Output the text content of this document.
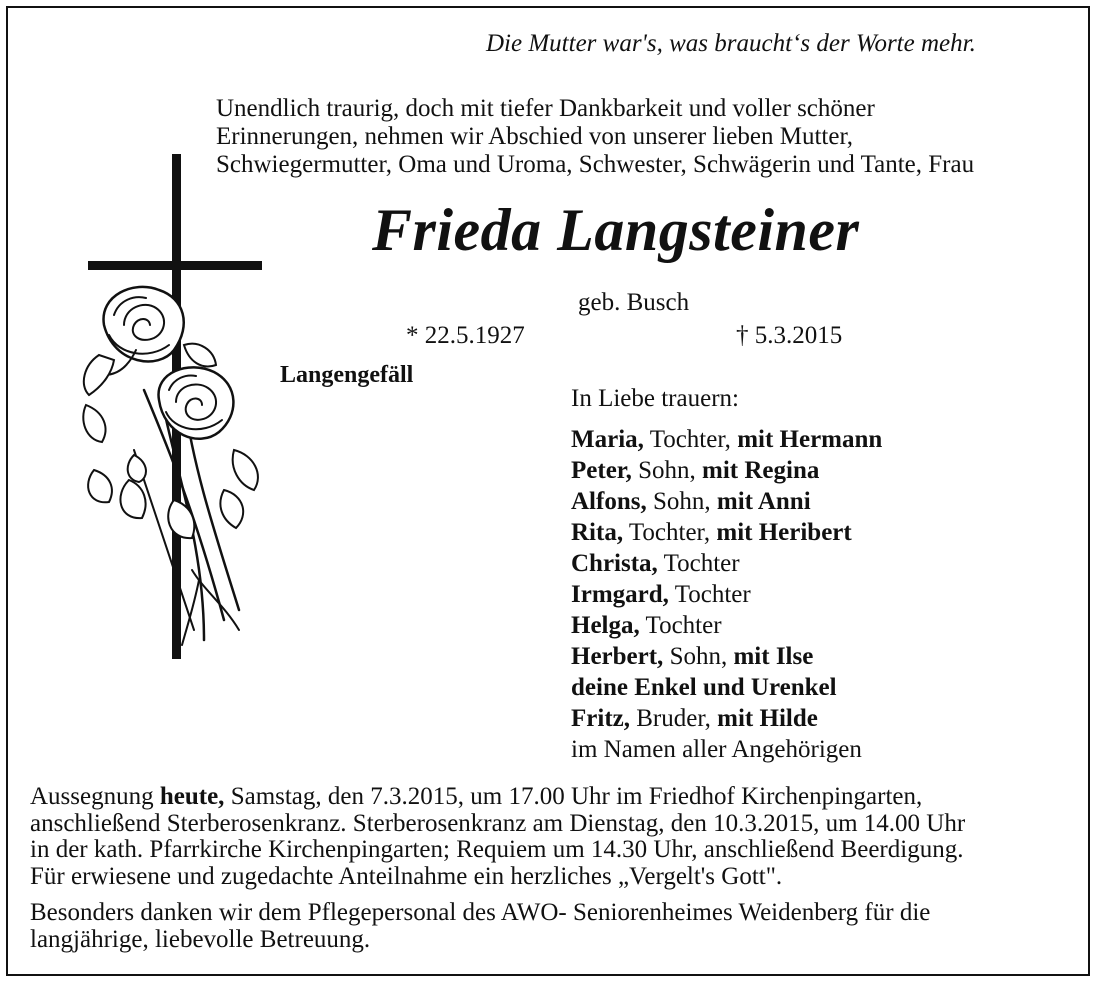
Die Mutter war's, was braucht‘s der Worte mehr.
Unendlich traurig, doch mit tiefer Dankbarkeit und voller schöner
Erinnerungen, nehmen wir Abschied von unserer lieben Mutter,
Schwiegermutter, Oma und Uroma, Schwester, Schwägerin und Tante, Frau
Frieda Langsteiner
geb. Busch
* 22.5.1927	† 5.3.2015
Langengefäll
In Liebe trauern:
Maria, Tochter, mit Hermann
Peter, Sohn, mit Regina
Alfons, Sohn, mit Anni
Rita, Tochter, mit Heribert
Christa, Tochter
Irmgard, Tochter
Helga, Tochter
Herbert, Sohn, mit Ilse
deine Enkel und Urenkel
Fritz, Bruder, mit Hilde
im Namen aller Angehörigen
Aussegnung heute, Samstag, den 7.3.2015, um 17.00 Uhr im Friedhof Kirchenpingarten,
anschließend Sterberosenkranz. Sterberosenkranz am Dienstag, den 10.3.2015, um 14.00 Uhr
in der kath. Pfarrkirche Kirchenpingarten; Requiem um 14.30 Uhr, anschließend Beerdigung.
Für erwiesene und zugedachte Anteilnahme ein herzliches „Vergelt's Gott".
Besonders danken wir dem Pflegepersonal des AWO- Seniorenheimes Weidenberg für die
langjährige, liebevolle Betreuung.
